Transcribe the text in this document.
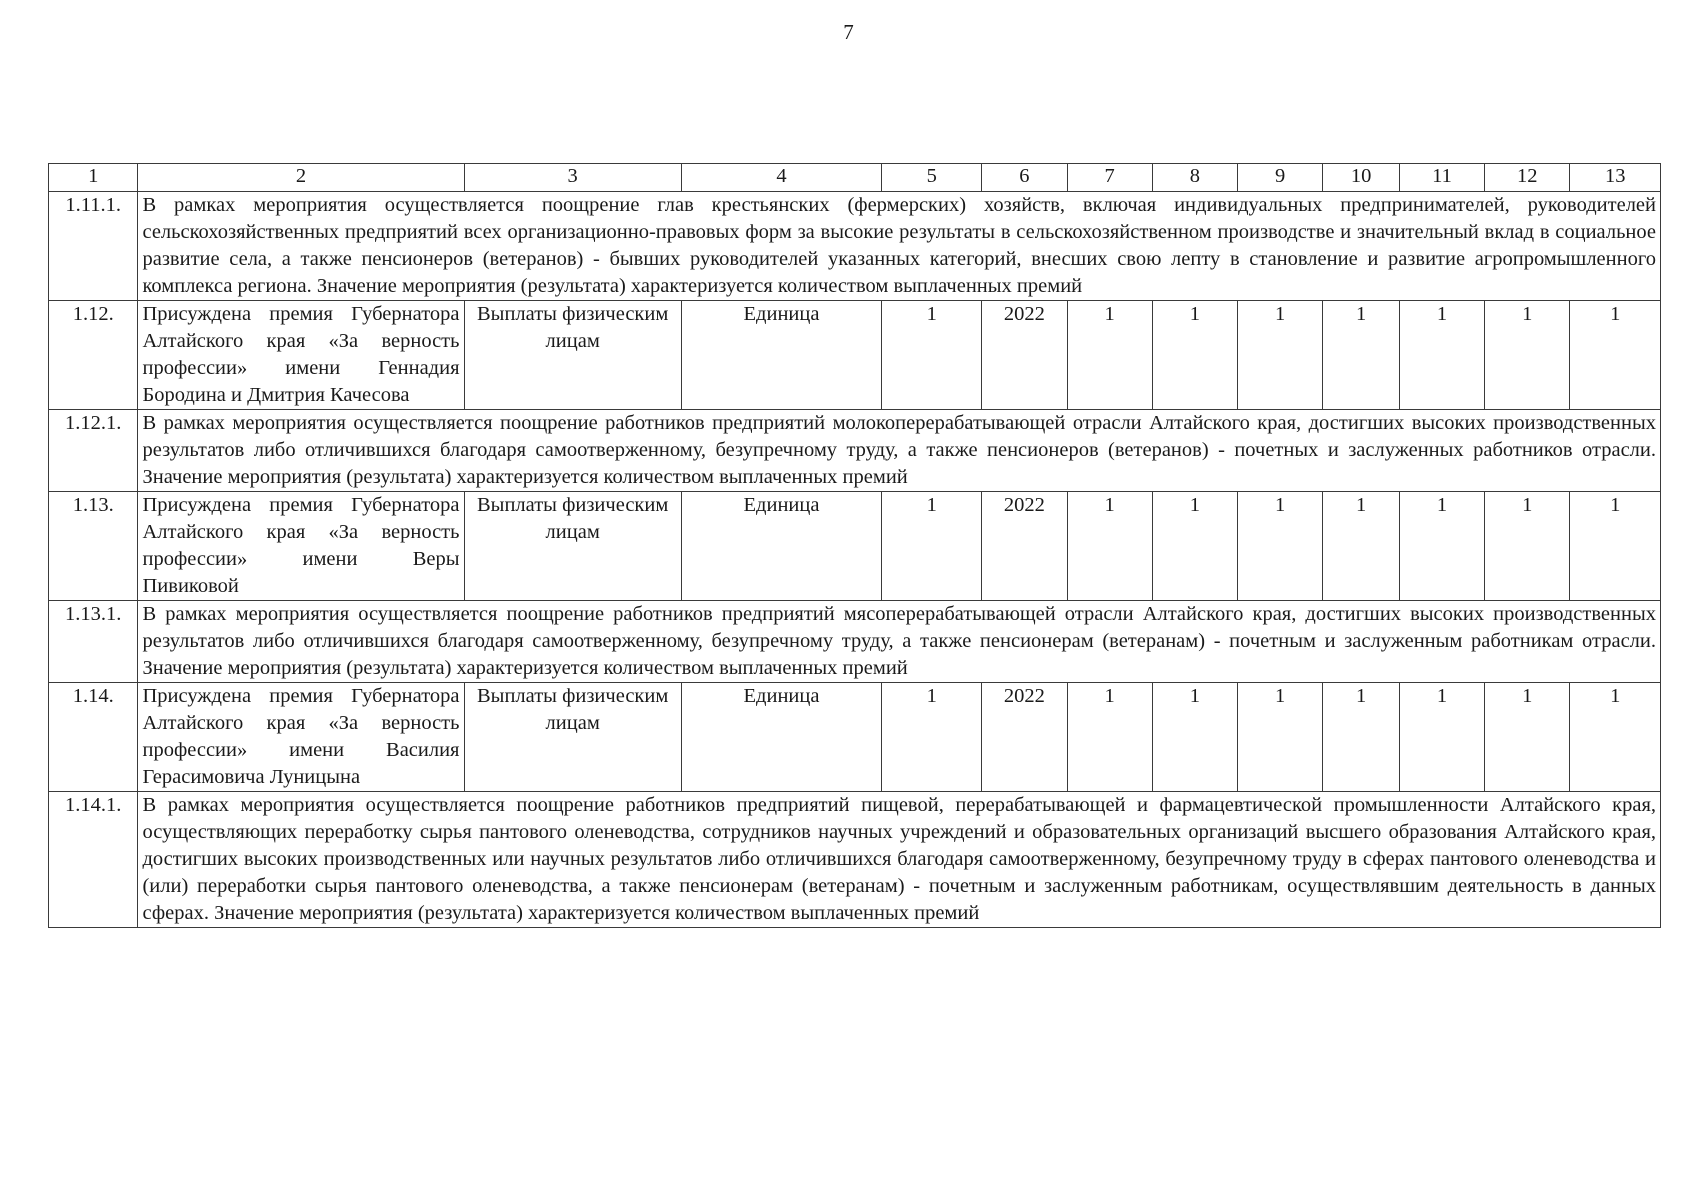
7
1	2	3	4	5	6	7	8	9	10	11	12	13
1.11.1.	В рамках мероприятия осуществляется поощрение глав крестьянских (фермерских) хозяйств, включая индивидуальных предпринимателей, руководителей сельскохозяйственных предприятий всех организационно-правовых форм за высокие результаты в сельскохозяйственном производстве и значительный вклад в социальное развитие села, а также пенсионеров (ветеранов) - бывших руководителей указанных категорий, внесших свою лепту в становление и развитие агропромышленного комплекса региона. Значение мероприятия (результата) характеризуется количеством выплаченных премий											
1.12.	Присуждена премия Губернатора Алтайского края «За верность профессии» имени Геннадия Бородина и Дмитрия Качесова	Выплаты физическим лицам	Единица	1	2022	1	1	1	1	1	1	1
1.12.1.	В рамках мероприятия осуществляется поощрение работников предприятий молокоперерабатывающей отрасли Алтайского края, достигших высоких производственных результатов либо отличившихся благодаря самоотверженному, безупречному труду, а также пенсионеров (ветеранов) - почетных и заслуженных работников отрасли. Значение мероприятия (результата) характеризуется количеством выплаченных премий											
1.13.	Присуждена премия Губернатора Алтайского края «За верность профессии» имени Веры Пивиковой	Выплаты физическим лицам	Единица	1	2022	1	1	1	1	1	1	1
1.13.1.	В рамках мероприятия осуществляется поощрение работников предприятий мясоперерабатывающей отрасли Алтайского края, достигших высоких производственных результатов либо отличившихся благодаря самоотверженному, безупречному труду, а также пенсионерам (ветеранам) - почетным и заслуженным работникам отрасли. Значение мероприятия (результата) характеризуется количеством выплаченных премий											
1.14.	Присуждена премия Губернатора Алтайского края «За верность профессии» имени Василия Герасимовича Луницына	Выплаты физическим лицам	Единица	1	2022	1	1	1	1	1	1	1
1.14.1.	В рамках мероприятия осуществляется поощрение работников предприятий пищевой, перерабатывающей и фармацевтической промышленности Алтайского края, осуществляющих переработку сырья пантового оленеводства, сотрудников научных учреждений и образовательных организаций высшего образования Алтайского края, достигших высоких производственных или научных результатов либо отличившихся благодаря самоотверженному, безупречному труду в сферах пантового оленеводства и (или) переработки сырья пантового оленеводства, а также пенсионерам (ветеранам) - почетным и заслуженным работникам, осуществлявшим деятельность в данных сферах. Значение мероприятия (результата) характеризуется количеством выплаченных премий											
